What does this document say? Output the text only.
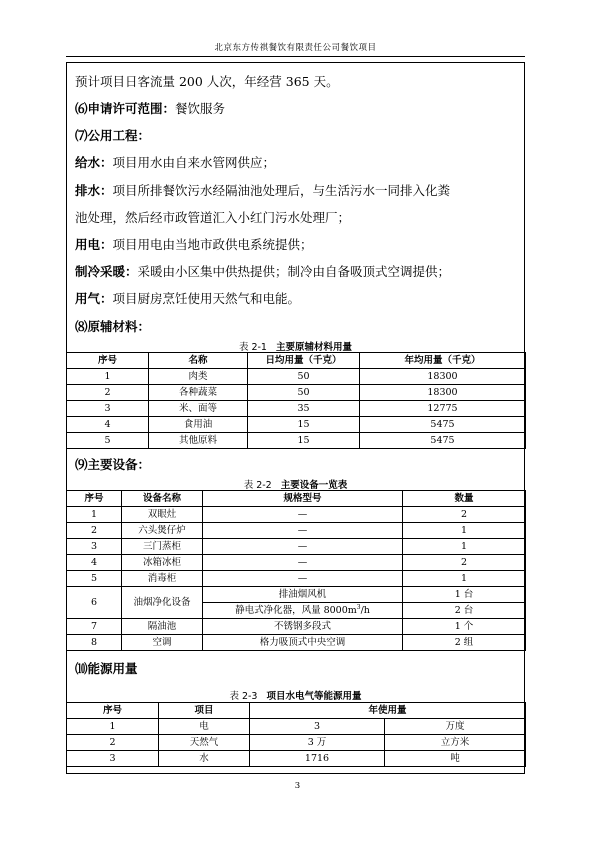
北京东方传祺餐饮有限责任公司餐饮项目
预计项目日客流量 200 人次，年经营 365 天。
⑹申请许可范围：餐饮服务
⑺公用工程：
给水：项目用水由自来水管网供应；
排水：项目所排餐饮污水经隔油池处理后，与生活污水一同排入化粪
池处理，然后经市政管道汇入小红门污水处理厂；
用电：项目用电由当地市政供电系统提供；
制冷采暖：采暖由小区集中供热提供；制冷由自备吸顶式空调提供；
用气：项目厨房烹饪使用天然气和电能。
⑻原辅材料：
表 2-1 主要原辅材料用量
序号	名称	日均用量（千克）	年均用量（千克）
1	肉类	50	18300
2	各种蔬菜	50	18300
3	米、面等	35	12775
4	食用油	15	5475
5	其他原料	15	5475
⑼主要设备：
表 2-2 主要设备一览表
序号	设备名称	规格型号	数量
1	双眼灶	—	2
2	六头煲仔炉	—	1
3	三门蒸柜	—	1
4	冰箱冰柜	—	2
5	消毒柜	—	1
6	油烟净化设备	排油烟风机	1 台
		静电式净化器，风量 $8000m^3/h$	2 台
7	隔油池	不锈钢多段式	1 个
8	空调	格力吸顶式中央空调	2 组
⑽能源用量
表 2-3 项目水电气等能源用量
序号	项目	年使用量	
1	电	3	万度
2	天然气	3 万	立方米
3	水	1716	吨
3
